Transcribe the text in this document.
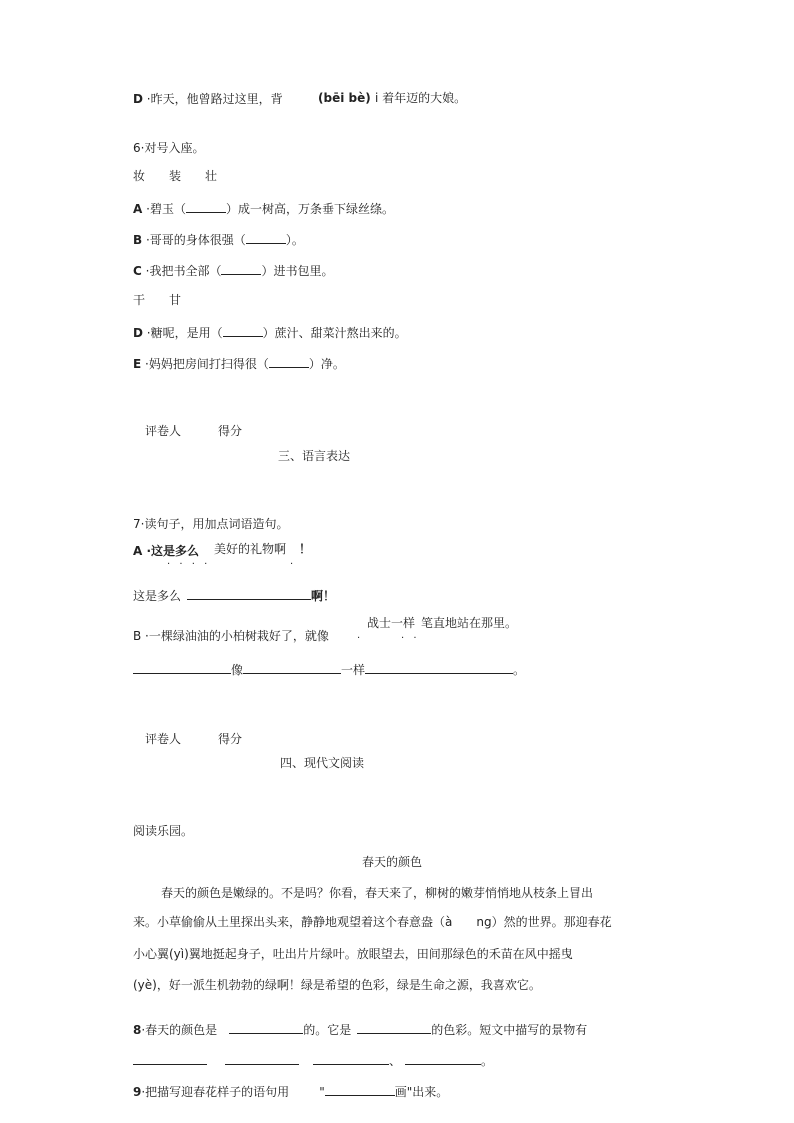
D ·昨天，他曾路过这里，背	(bēi bè) i 着年迈的大娘。
6·对号入座。
妆 装 壮
A ·碧玉（	）成一树高，万条垂下绿丝绦。
B ·哥哥的身体很强（	）。
C ·我把书全部（	）进书包里。
干 甘
D ·糖呢，是用（	）蔗汁、甜菜汁熬出来的。
E ·妈妈把房间打扫得很（	）净。
评卷人	得分
三、语言表达
7·读句子，用加点词语造句。
A ·这是多么 美好的礼物啊 ！
· · · ·	·
这是多么	啊！
战士一样 笔直地站在那里。
B ·一棵绿油油的小柏树栽好了，就像	·	· ·
像	一样	。
评卷人	得分
四、现代文阅读
阅读乐园。
春天的颜色
春天的颜色是嫩绿的。不是吗？你看，春天来了，柳树的嫩芽悄悄地从枝条上冒出
来。小草偷偷从土里探出头来，静静地观望着这个春意盎（à　　ng）然的世界。那迎春花
小心翼(yì)翼地挺起身子，吐出片片绿叶。放眼望去，田间那绿色的禾苗在风中摇曳
(yè)，好一派生机勃勃的绿啊！绿是希望的色彩，绿是生命之源，我喜欢它。
8·春天的颜色是	的。它是	的色彩。短文中描写的景物有
、	。
9·把描写迎春花样子的语句用	"	画"出来。
